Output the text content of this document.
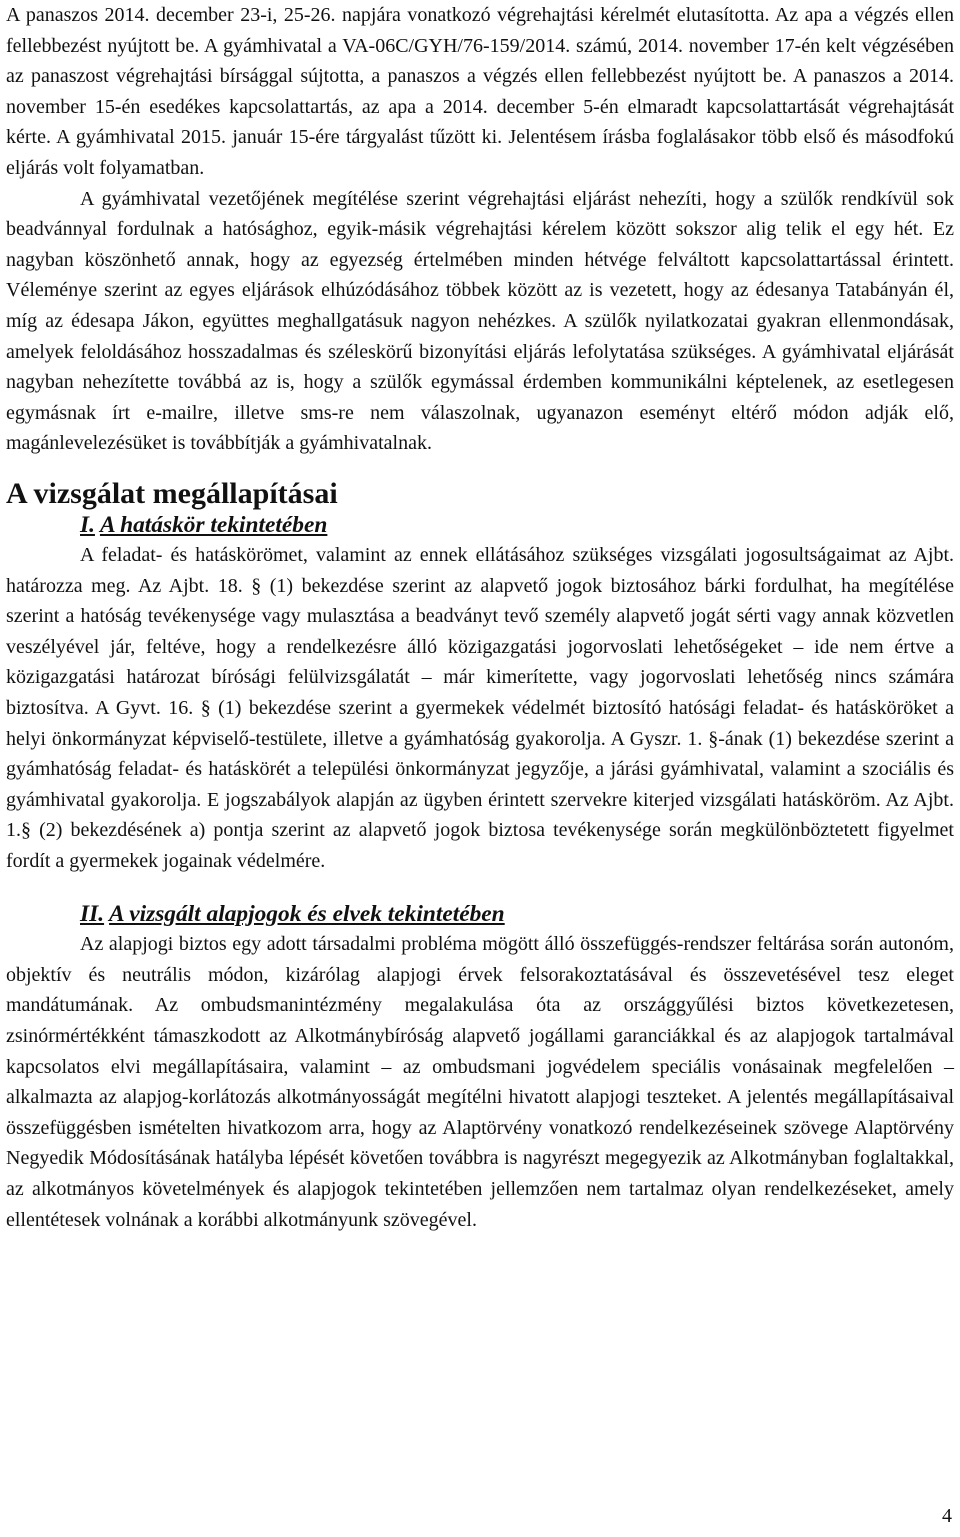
A panaszos 2014. december 23-i, 25-26. napjára vonatkozó végrehajtási kérelmét elutasította. Az apa a végzés ellen fellebbezést nyújtott be. A gyámhivatal a VA-06C/GYH/76-159/2014. számú, 2014. november 17-én kelt végzésében az panaszost végrehajtási bírsággal sújtotta, a panaszos a végzés ellen fellebbezést nyújtott be. A panaszos a 2014. november 15-én esedékes kapcsolattartás, az apa a 2014. december 5-én elmaradt kapcsolattartását végrehajtását kérte. A gyámhivatal 2015. január 15-ére tárgyalást tűzött ki. Jelentésem írásba foglalásakor több első és másodfokú eljárás volt folyamatban.

A gyámhivatal vezetőjének megítélése szerint végrehajtási eljárást nehezíti, hogy a szülők rendkívül sok beadvánnyal fordulnak a hatósághoz, egyik-másik végrehajtási kérelem között sokszor alig telik el egy hét. Ez nagyban köszönhető annak, hogy az egyezség értelmében minden hétvége felváltott kapcsolattartással érintett. Véleménye szerint az egyes eljárások elhúzódásához többek között az is vezetett, hogy az édesanya Tatabányán él, míg az édesapa Jákon, együttes meghallgatásuk nagyon nehézkes. A szülők nyilatkozatai gyakran ellenmondásak, amelyek feloldásához hosszadalmas és széleskörű bizonyítási eljárás lefolytatása szükséges. A gyámhivatal eljárását nagyban nehezítette továbbá az is, hogy a szülők egymással érdemben kommunikálni képtelenek, az esetlegesen egymásnak írt e-mailre, illetve sms-re nem válaszolnak, ugyanazon eseményt eltérő módon adják elő, magánlevelezésüket is továbbítják a gyámhivatalnak.

A vizsgálat megállapításai
I. A hatáskör tekintetében

A feladat- és hatáskörömet, valamint az ennek ellátásához szükséges vizsgálati jogosultságaimat az Ajbt. határozza meg. Az Ajbt. 18. § (1) bekezdése szerint az alapvető jogok biztosához bárki fordulhat, ha megítélése szerint a hatóság tevékenysége vagy mulasztása a beadványt tevő személy alapvető jogát sérti vagy annak közvetlen veszélyével jár, feltéve, hogy a rendelkezésre álló közigazgatási jogorvoslati lehetőségeket – ide nem értve a közigazgatási határozat bírósági felülvizsgálatát – már kimerítette, vagy jogorvoslati lehetőség nincs számára biztosítva. A Gyvt. 16. § (1) bekezdése szerint a gyermekek védelmét biztosító hatósági feladat- és hatásköröket a helyi önkormányzat képviselő-testülete, illetve a gyámhatóság gyakorolja. A Gyszr. 1. §-ának (1) bekezdése szerint a gyámhatóság feladat- és hatáskörét a települési önkormányzat jegyzője, a járási gyámhivatal, valamint a szociális és gyámhivatal gyakorolja. E jogszabályok alapján az ügyben érintett szervekre kiterjed vizsgálati hatásköröm. Az Ajbt. 1.§ (2) bekezdésének a) pontja szerint az alapvető jogok biztosa tevékenysége során megkülönböztetett figyelmet fordít a gyermekek jogainak védelmére.

II. A vizsgált alapjogok és elvek tekintetében

Az alapjogi biztos egy adott társadalmi probléma mögött álló összefüggés-rendszer feltárása során autonóm, objektív és neutrális módon, kizárólag alapjogi érvek felsorakoztatásával és összevetésével tesz eleget mandátumának. Az ombudsmanintézmény megalakulása óta az országgyűlési biztos következetesen, zsinórmértékként támaszkodott az Alkotmánybíróság alapvető jogállami garanciákkal és az alapjogok tartalmával kapcsolatos elvi megállapításaira, valamint – az ombudsmani jogvédelem speciális vonásainak megfelelően – alkalmazta az alapjog-korlátozás alkotmányosságát megítélni hivatott alapjogi teszteket. A jelentés megállapításaival összefüggésben ismételten hivatkozom arra, hogy az Alaptörvény vonatkozó rendelkezéseinek szövege Alaptörvény Negyedik Módosításának hatályba lépését követően továbbra is nagyrészt megegyezik az Alkotmányban foglaltakkal, az alkotmányos követelmények és alapjogok tekintetében jellemzően nem tartalmaz olyan rendelkezéseket, amely ellentétesek volnának a korábbi alkotmányunk szövegével.

4
